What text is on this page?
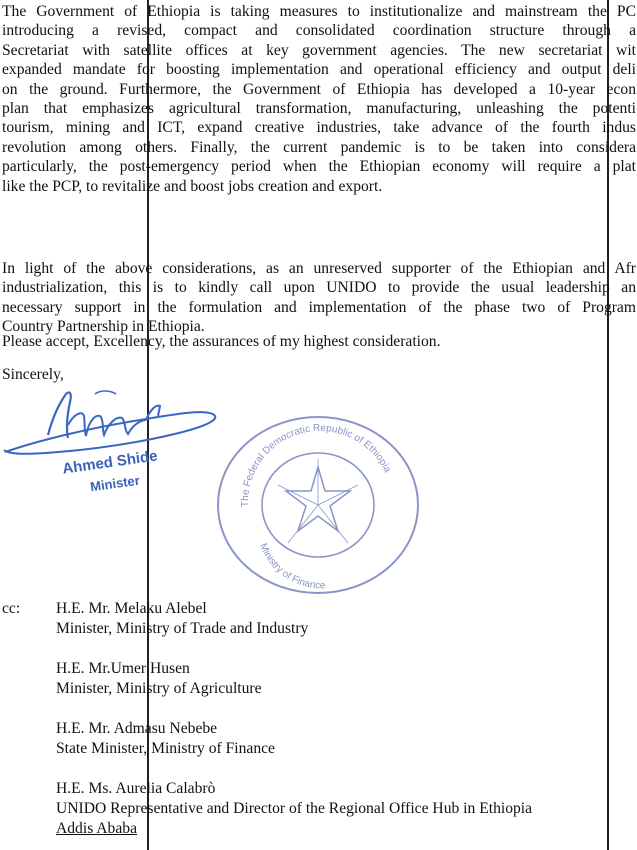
The Government of Ethiopia is taking measures to institutionalize and mainstream the PC
introducing a revised, compact and consolidated coordination structure through a
Secretariat with satellite offices at key government agencies. The new secretariat wit
expanded mandate for boosting implementation and operational efficiency and output deli
on the ground. Furthermore, the Government of Ethiopia has developed a 10-year econ
plan that emphasizes agricultural transformation, manufacturing, unleashing the potenti
tourism, mining and ICT, expand creative industries, take advance of the fourth indus
revolution among others. Finally, the current pandemic is to be taken into considera
particularly, the post-emergency period when the Ethiopian economy will require a plat
like the PCP, to revitalize and boost jobs creation and export.
In light of the above considerations, as an unreserved supporter of the Ethiopian and Afr
industrialization, this is to kindly call upon UNIDO to provide the usual leadership an
necessary support in the formulation and implementation of the phase two of Program
Country Partnership in Ethiopia.
Please accept, Excellency, the assurances of my highest consideration.
Sincerely,
Ahmed Shide
Minister
The Federal Democratic Republic of Ethiopia
Ministry of Finance
cc: H.E. Mr. Melaku Alebel
Minister, Ministry of Trade and Industry
H.E. Mr.Umer Husen
Minister, Ministry of Agriculture
H.E. Mr. Admasu Nebebe
State Minister, Ministry of Finance
H.E. Ms. Aurelia Calabrò
UNIDO Representative and Director of the Regional Office Hub in Ethiopia
Addis Ababa
